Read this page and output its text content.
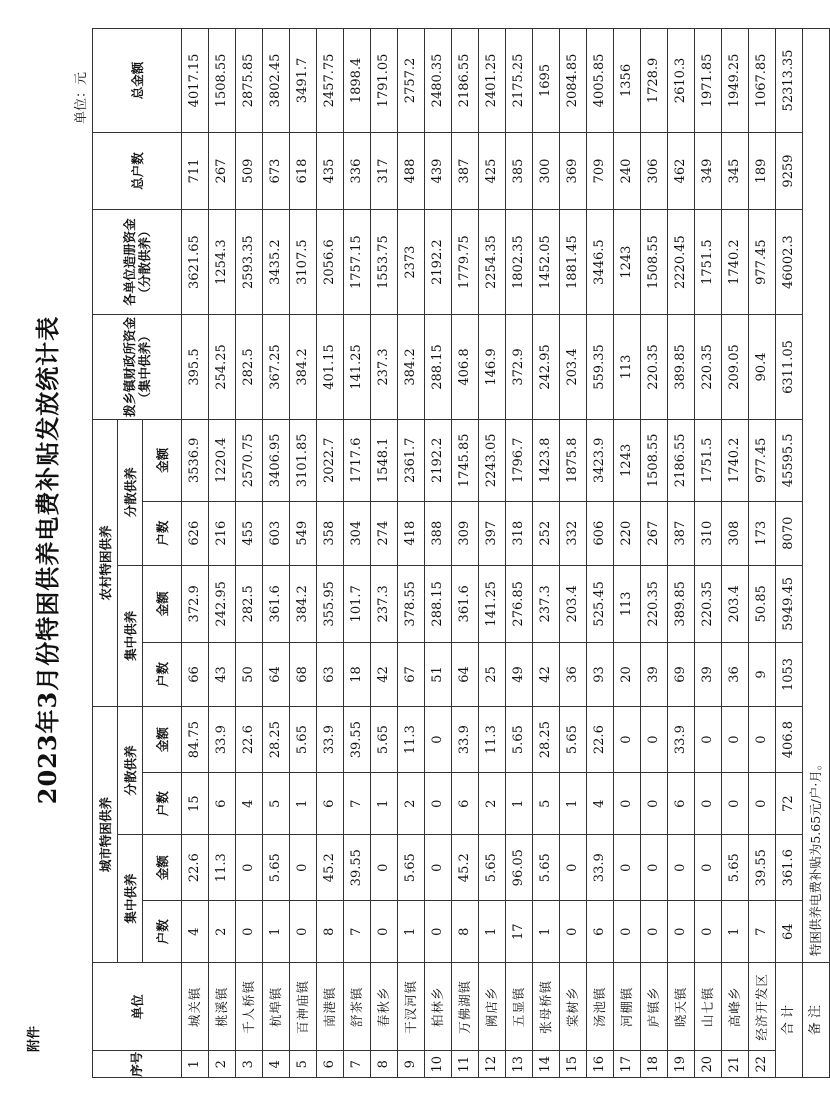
附件
2023年3月份特困供养电费补贴发放统计表
单位：元
序号	单位	城市特困供养				农村特困供养				拨乡镇财政所资金（集中供养）	各单位造册资金（分散供养）	总户数	总金额
		集中供养		分散供养		集中供养		分散供养					
		户数	金额	户数	金额	户数	金额	户数	金额				
1	城关镇	4	22.6	15	84.75	66	372.9	626	3536.9	395.5	3621.65	711	4017.15
2	桃溪镇	2	11.3	6	33.9	43	242.95	216	1220.4	254.25	1254.3	267	1508.55
3	千人桥镇	0	0	4	22.6	50	282.5	455	2570.75	282.5	2593.35	509	2875.85
4	杭埠镇	1	5.65	5	28.25	64	361.6	603	3406.95	367.25	3435.2	673	3802.45
5	百神庙镇	0	0	1	5.65	68	384.2	549	3101.85	384.2	3107.5	618	3491.7
6	南港镇	8	45.2	6	33.9	63	355.95	358	2022.7	401.15	2056.6	435	2457.75
7	舒茶镇	7	39.55	7	39.55	18	101.7	304	1717.6	141.25	1757.15	336	1898.4
8	春秋乡	0	0	1	5.65	42	237.3	274	1548.1	237.3	1553.75	317	1791.05
9	干汊河镇	1	5.65	2	11.3	67	378.55	418	2361.7	384.2	2373	488	2757.2
10	柏林乡	0	0	0	0	51	288.15	388	2192.2	288.15	2192.2	439	2480.35
11	万佛湖镇	8	45.2	6	33.9	64	361.6	309	1745.85	406.8	1779.75	387	2186.55
12	阙店乡	1	5.65	2	11.3	25	141.25	397	2243.05	146.9	2254.35	425	2401.25
13	五显镇	17	96.05	1	5.65	49	276.85	318	1796.7	372.9	1802.35	385	2175.25
14	张母桥镇	1	5.65	5	28.25	42	237.3	252	1423.8	242.95	1452.05	300	1695
15	棠树乡	0	0	1	5.65	36	203.4	332	1875.8	203.4	1881.45	369	2084.85
16	汤池镇	6	33.9	4	22.6	93	525.45	606	3423.9	559.35	3446.5	709	4005.85
17	河棚镇	0	0	0	0	20	113	220	1243	113	1243	240	1356
18	庐镇乡	0	0	0	0	39	220.35	267	1508.55	220.35	1508.55	306	1728.9
19	晓天镇	0	0	6	33.9	69	389.85	387	2186.55	389.85	2220.45	462	2610.3
20	山七镇	0	0	0	0	39	220.35	310	1751.5	220.35	1751.5	349	1971.85
21	高峰乡	1	5.65	0	0	36	203.4	308	1740.2	209.05	1740.2	345	1949.25
22	经济开发区	7	39.55	0	0	9	50.85	173	977.45	90.4	977.45	189	1067.85
合 计		64	361.6	72	406.8	1053	5949.45	8070	45595.5	6311.05	46002.3	9259	52313.35
备 注		特困供养电费补贴为5.65元/户·月。											
